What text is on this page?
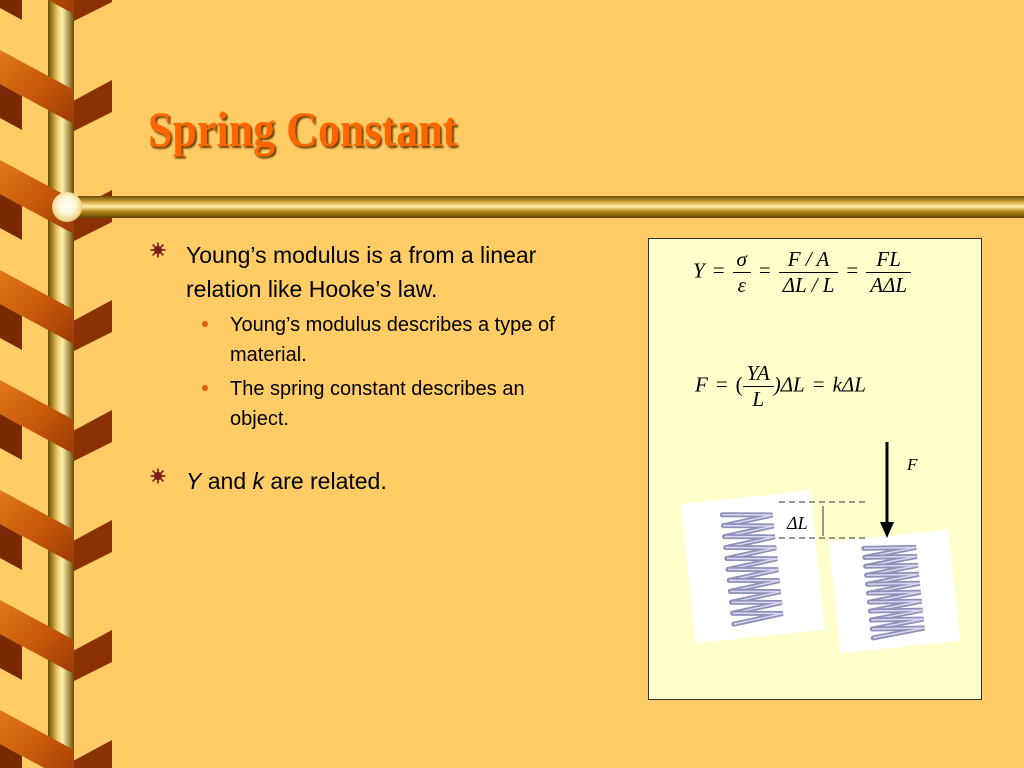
Spring Constant
Young’s modulus is a from a linear relation like Hooke’s law.
Young’s modulus describes a type of material.
The spring constant describes an object.
Y and k are related.
$Y = \frac{\sigma}{\varepsilon} = \frac{F / A}{\Delta L / L} = \frac{FL}{\text{AΔL}}$
F = ( $\frac{YA}{L} )\Delta L = k\Delta L$
F
ΔL
